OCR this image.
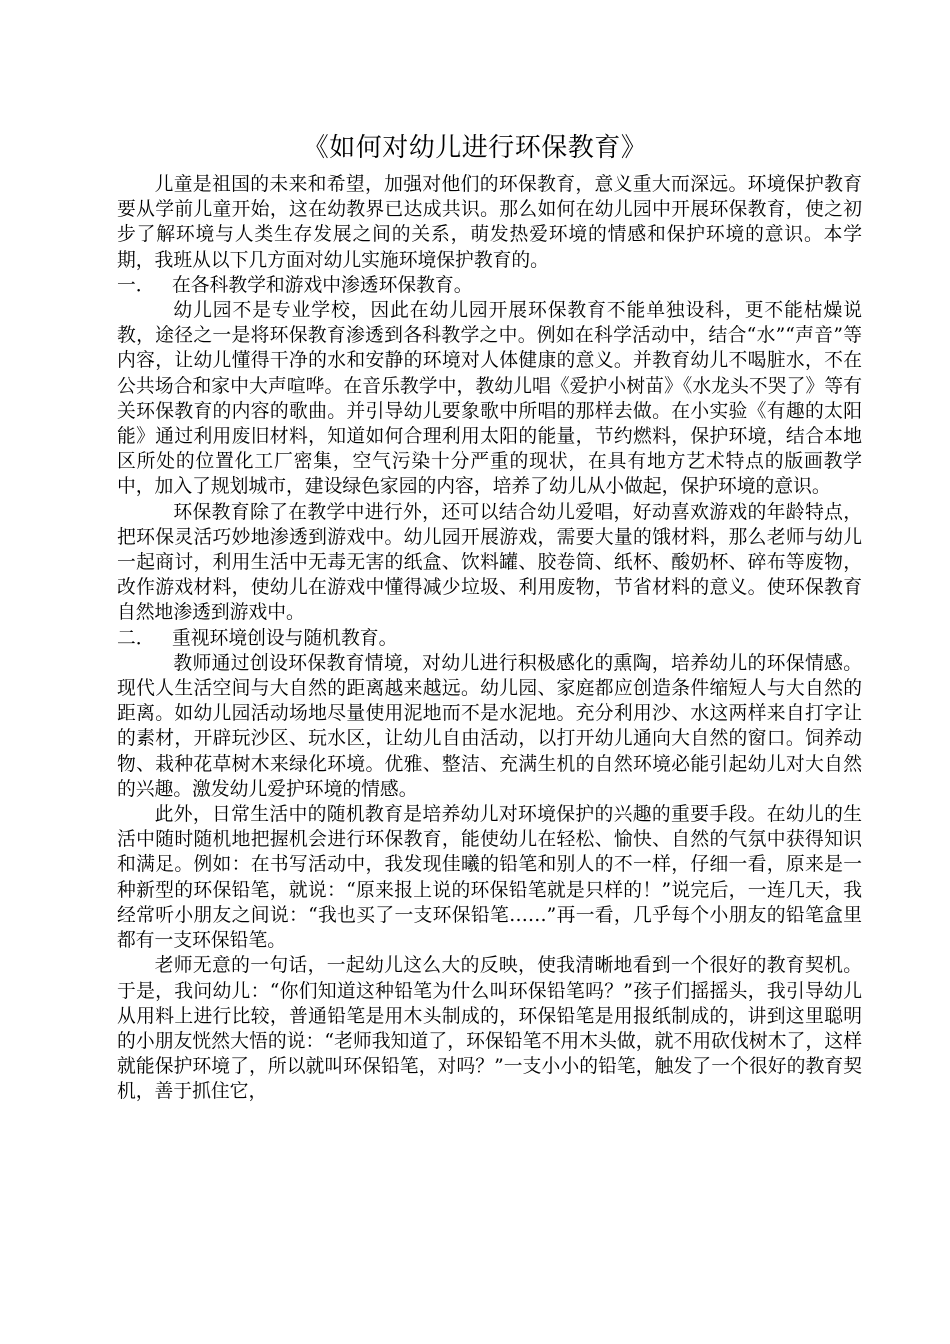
《如何对幼儿进行环保教育》

儿童是祖国的未来和希望，加强对他们的环保教育，意义重大而深远。环境保护教育要从学前儿童开始，这在幼教界已达成共识。那么如何在幼儿园中开展环保教育，使之初步了解环境与人类生存发展之间的关系，萌发热爱环境的情感和保护环境的意识。本学期，我班从以下几方面对幼儿实施环境保护教育的。

一． 在各科教学和游戏中渗透环保教育。

幼儿园不是专业学校，因此在幼儿园开展环保教育不能单独设科，更不能枯燥说教，途径之一是将环保教育渗透到各科教学之中。例如在科学活动中，结合“水”“声音”等内容，让幼儿懂得干净的水和安静的环境对人体健康的意义。并教育幼儿不喝脏水，不在公共场合和家中大声喧哗。在音乐教学中，教幼儿唱《爱护小树苗》《水龙头不哭了》等有关环保教育的内容的歌曲。并引导幼儿要象歌中所唱的那样去做。在小实验《有趣的太阳能》通过利用废旧材料，知道如何合理利用太阳的能量，节约燃料，保护环境，结合本地区所处的位置化工厂密集，空气污染十分严重的现状，在具有地方艺术特点的版画教学中，加入了规划城市，建设绿色家园的内容，培养了幼儿从小做起，保护环境的意识。

环保教育除了在教学中进行外，还可以结合幼儿爱唱，好动喜欢游戏的年龄特点，把环保灵活巧妙地渗透到游戏中。幼儿园开展游戏，需要大量的饿材料，那么老师与幼儿一起商讨，利用生活中无毒无害的纸盒、饮料罐、胶卷筒、纸杯、酸奶杯、碎布等废物，改作游戏材料，使幼儿在游戏中懂得减少垃圾、利用废物，节省材料的意义。使环保教育自然地渗透到游戏中。

二． 重视环境创设与随机教育。

教师通过创设环保教育情境，对幼儿进行积极感化的熏陶，培养幼儿的环保情感。现代人生活空间与大自然的距离越来越远。幼儿园、家庭都应创造条件缩短人与大自然的距离。如幼儿园活动场地尽量使用泥地而不是水泥地。充分利用沙、水这两样来自打字让的素材，开辟玩沙区、玩水区，让幼儿自由活动，以打开幼儿通向大自然的窗口。饲养动物、栽种花草树木来绿化环境。优雅、整洁、充满生机的自然环境必能引起幼儿对大自然的兴趣。激发幼儿爱护环境的情感。

此外，日常生活中的随机教育是培养幼儿对环境保护的兴趣的重要手段。在幼儿的生活中随时随机地把握机会进行环保教育，能使幼儿在轻松、愉快、自然的气氛中获得知识和满足。例如：在书写活动中，我发现佳曦的铅笔和别人的不一样，仔细一看，原来是一种新型的环保铅笔，就说：“原来报上说的环保铅笔就是只样的！”说完后，一连几天，我经常听小朋友之间说：“我也买了一支环保铅笔……”再一看，几乎每个小朋友的铅笔盒里都有一支环保铅笔。

老师无意的一句话，一起幼儿这么大的反映，使我清晰地看到一个很好的教育契机。于是，我问幼儿：“你们知道这种铅笔为什么叫环保铅笔吗？”孩子们摇摇头，我引导幼儿从用料上进行比较，普通铅笔是用木头制成的，环保铅笔是用报纸制成的，讲到这里聪明的小朋友恍然大悟的说：“老师我知道了，环保铅笔不用木头做，就不用砍伐树木了，这样就能保护环境了，所以就叫环保铅笔，对吗？”一支小小的铅笔，触发了一个很好的教育契机，善于抓住它，
